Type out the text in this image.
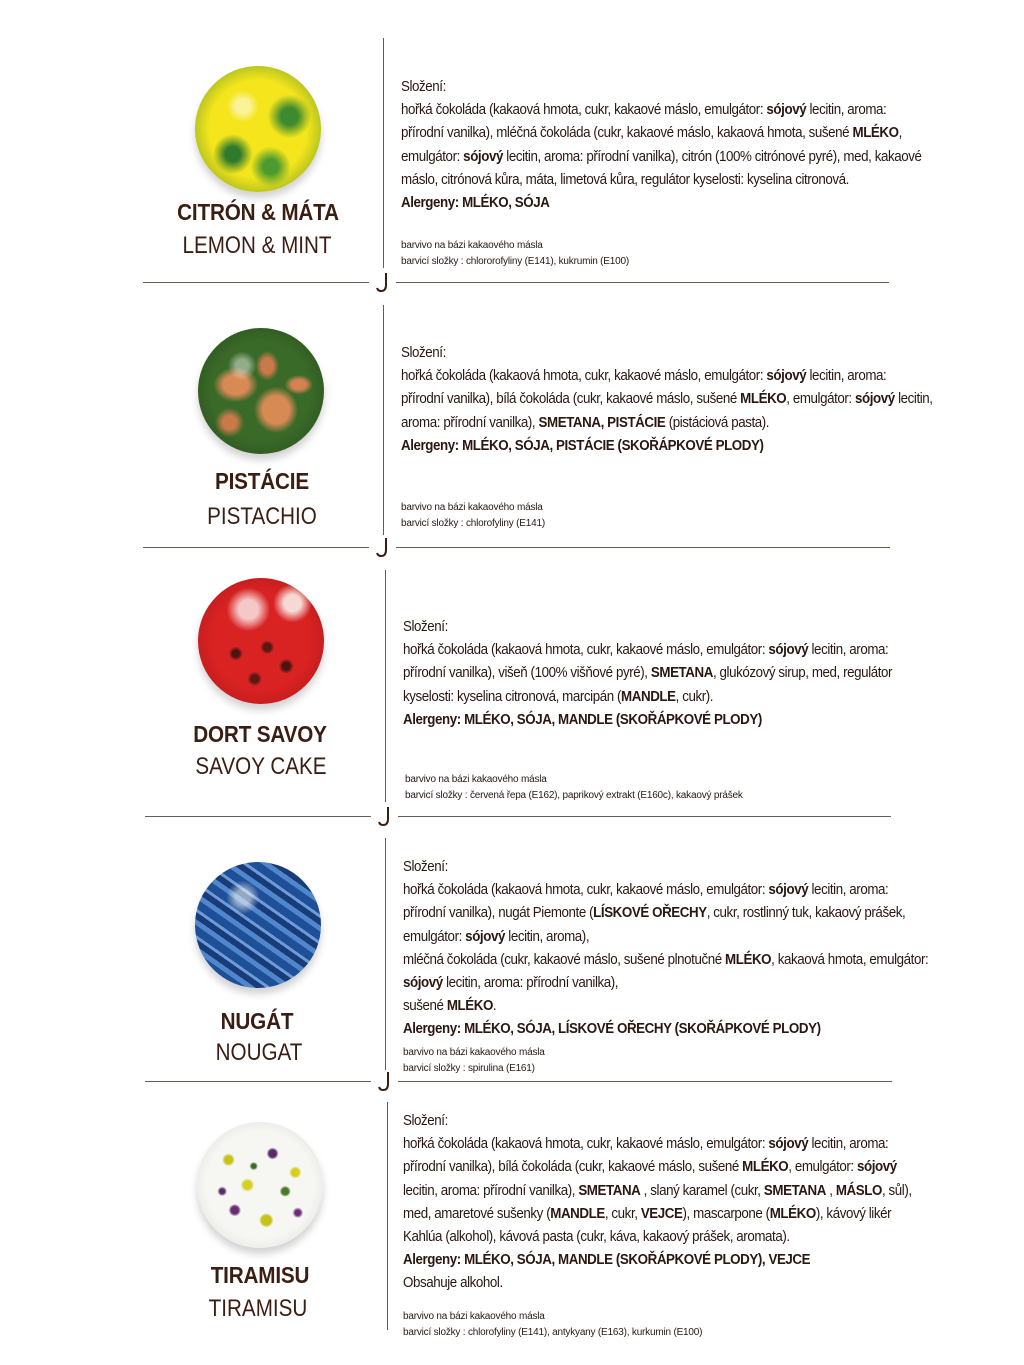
CITRÓN & MÁTA
LEMON & MINT
Složení:
hořká čokoláda (kakaová hmota, cukr, kakaové máslo, emulgátor: sójový lecitin, aroma:
přírodní vanilka), mléčná čokoláda (cukr, kakaové máslo, kakaová hmota, sušené MLÉKO,
emulgátor: sójový lecitin, aroma: přírodní vanilka), citrón (100% citrónové pyré), med, kakaové
máslo, citrónová kůra, máta, limetová kůra, regulátor kyselosti: kyselina citronová.
Alergeny: MLÉKO, SÓJA
barvivo na bázi kakaového másla
barvicí složky : chlororofyliny (E141), kukrumin (E100)
PISTÁCIE
PISTACHIO
Složení:
hořká čokoláda (kakaová hmota, cukr, kakaové máslo, emulgátor: sójový lecitin, aroma:
přírodní vanilka), bílá čokoláda (cukr, kakaové máslo, sušené MLÉKO, emulgátor: sójový lecitin,
aroma: přírodní vanilka), SMETANA, PISTÁCIE (pistáciová pasta).
Alergeny: MLÉKO, SÓJA, PISTÁCIE (SKOŘÁPKOVÉ PLODY)
barvivo na bázi kakaového másla
barvicí složky : chlorofyliny (E141)
DORT SAVOY
SAVOY CAKE
Složení:
hořká čokoláda (kakaová hmota, cukr, kakaové máslo, emulgátor: sójový lecitin, aroma:
přírodní vanilka), višeň (100% višňové pyré), SMETANA, glukózový sirup, med, regulátor
kyselosti: kyselina citronová, marcipán (MANDLE, cukr).
Alergeny: MLÉKO, SÓJA, MANDLE (SKOŘÁPKOVÉ PLODY)
barvivo na bázi kakaového másla
barvicí složky : červená řepa (E162), paprikový extrakt (E160c), kakaový prášek
NUGÁT
NOUGAT
Složení:
hořká čokoláda (kakaová hmota, cukr, kakaové máslo, emulgátor: sójový lecitin, aroma:
přírodní vanilka), nugát Piemonte (LÍSKOVÉ OŘECHY, cukr, rostlinný tuk, kakaový prášek,
emulgátor: sójový lecitin, aroma),
mléčná čokoláda (cukr, kakaové máslo, sušené plnotučné MLÉKO, kakaová hmota, emulgátor:
sójový lecitin, aroma: přírodní vanilka),
sušené MLÉKO.
Alergeny: MLÉKO, SÓJA, LÍSKOVÉ OŘECHY (SKOŘÁPKOVÉ PLODY)
barvivo na bázi kakaového másla
barvicí složky : spirulina (E161)
TIRAMISU
TIRAMISU
Složení:
hořká čokoláda (kakaová hmota, cukr, kakaové máslo, emulgátor: sójový lecitin, aroma:
přírodní vanilka), bílá čokoláda (cukr, kakaové máslo, sušené MLÉKO, emulgátor: sójový
lecitin, aroma: přírodní vanilka), SMETANA , slaný karamel (cukr, SMETANA , MÁSLO, sůl),
med, amaretové sušenky (MANDLE, cukr, VEJCE), mascarpone (MLÉKO), kávový likér
Kahlúa (alkohol), kávová pasta (cukr, káva, kakaový prášek, aromata).
Alergeny: MLÉKO, SÓJA, MANDLE (SKOŘÁPKOVÉ PLODY), VEJCE
Obsahuje alkohol.
barvivo na bázi kakaového másla
barvicí složky : chlorofyliny (E141), antykyany (E163), kurkumin (E100)
